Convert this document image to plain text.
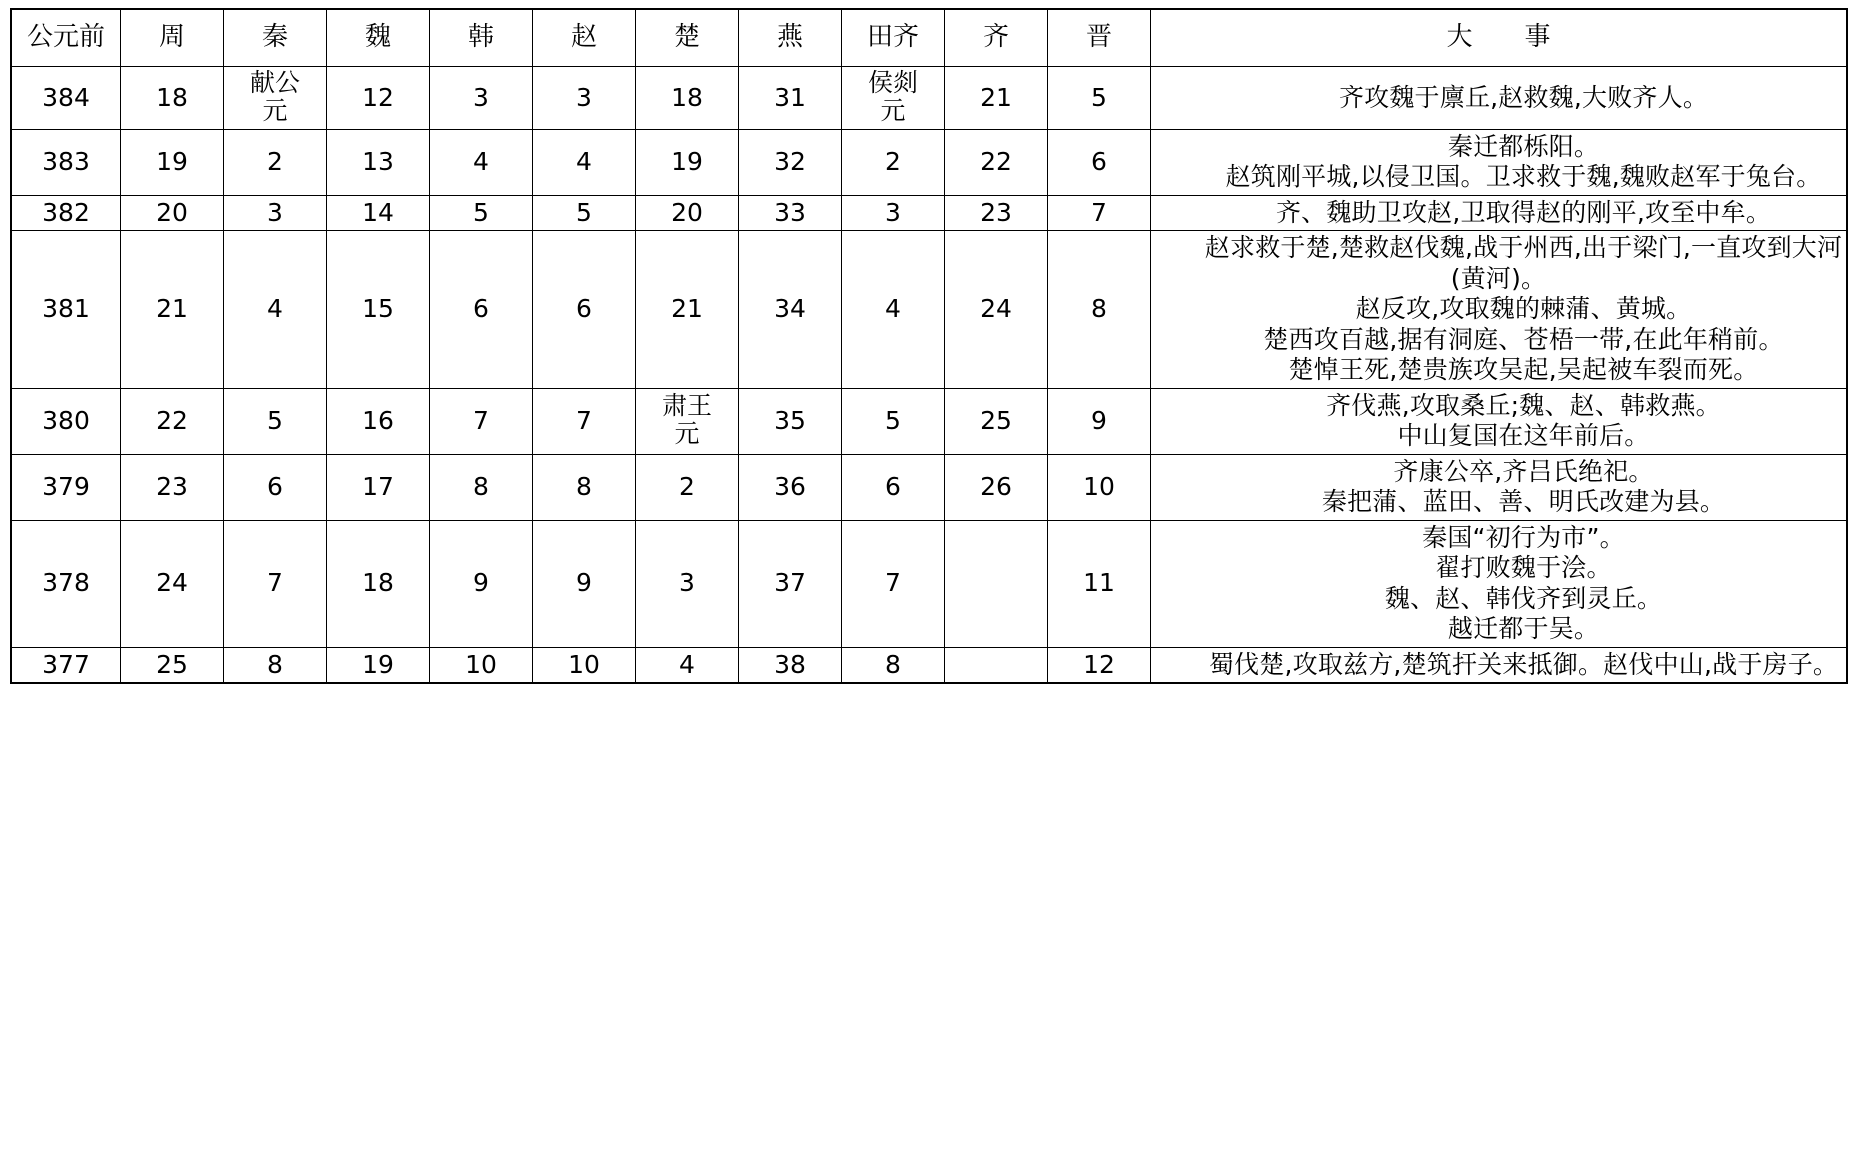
公元前	周	秦	魏	韩	赵	楚	燕	田齐	齐	晋	大　　事
384	18	献公元	12	3	3	18	31	侯剡元	21	5	齐攻魏于廪丘,赵救魏,大败齐人。

383	19	2	13	4	4	19	32	2	22	6	秦迁都栎阳。
赵筑刚平城,以侵卫国。卫求救于魏,魏败赵军于兔台。

382	20	3	14	5	5	20	33	3	23	7	齐、魏助卫攻赵,卫取得赵的刚平,攻至中牟。

381	21	4	15	6	6	21	34	4	24	8	赵求救于楚,楚救赵伐魏,战于州西,出于梁门,一直攻到大河(黄河)。
赵反攻,攻取魏的棘蒲、黄城。
楚西攻百越,据有洞庭、苍梧一带,在此年稍前。
楚悼王死,楚贵族攻吴起,吴起被车裂而死。

380	22	5	16	7	7	肃王元	35	5	25	9	齐伐燕,攻取桑丘;魏、赵、韩救燕。
中山复国在这年前后。

379	23	6	17	8	8	2	36	6	26	10	齐康公卒,齐吕氏绝祀。
秦把蒲、蓝田、善、明氏改建为县。

378	24	7	18	9	9	3	37	7		11	秦国“初行为市”。
翟打败魏于浍。
魏、赵、韩伐齐到灵丘。
越迁都于吴。

377	25	8	19	10	10	4	38	8		12	蜀伐楚,攻取兹方,楚筑扞关来抵御。赵伐中山,战于房子。
